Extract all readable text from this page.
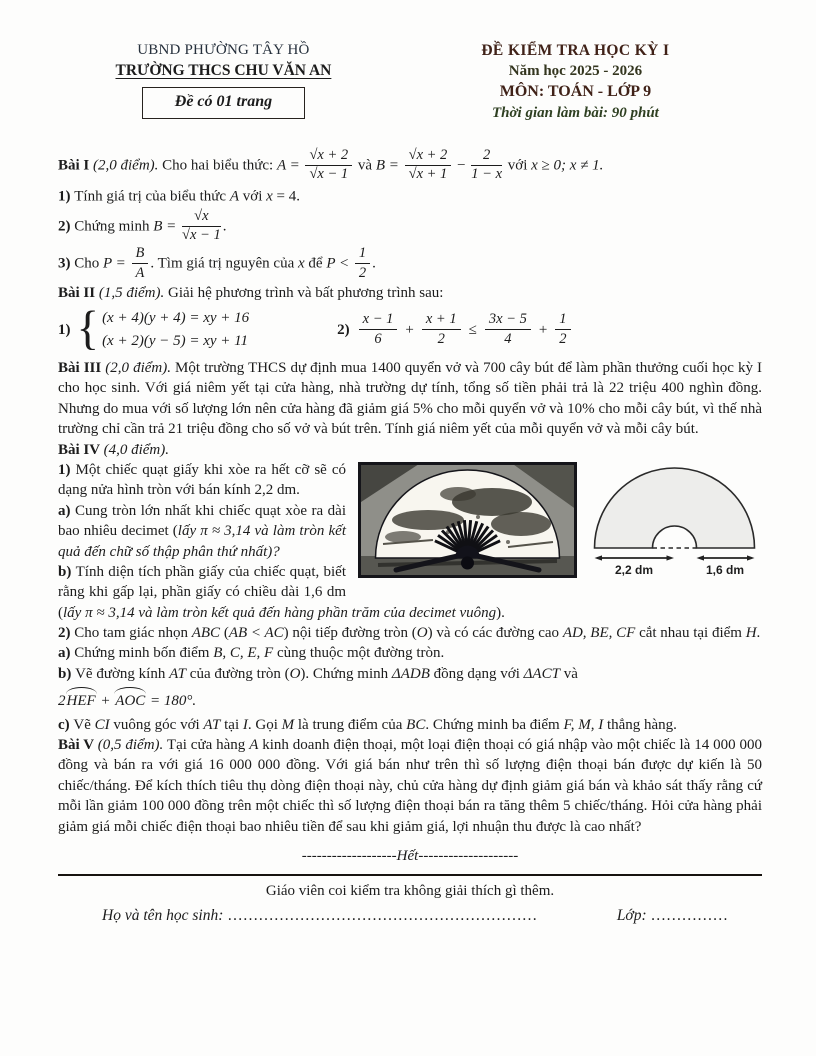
UBND PHƯỜNG TÂY HỒ
TRƯỜNG THCS CHU VĂN AN
Đề có 01 trang
ĐỀ KIỂM TRA HỌC KỲ I
Năm học 2025 - 2026
MÔN: TOÁN - LỚP 9
Thời gian làm bài: 90 phút
Bài I (2,0 điểm). Cho hai biểu thức: $A = \frac{√x + 2}{√x - 1}$ và $B = \frac{√x + 2}{√x + 1} - \frac{2}{1 - x}$ với x ≥ 0; x ≠ 1.
1) Tính giá trị của biểu thức A với x = 4.
2) Chứng minh $B = \frac{√x}{√x - 1}$ .
3) Cho $P = \frac{B}{A}$ . Tìm giá trị nguyên của x để $P < \frac{1}{2}$ .
Bài II (1,5 điểm). Giải hệ phương trình và bất phương trình sau:
1) { (x + 4)(y + 4) = xy + 16
(x + 2)(y − 5) = xy + 11
$2) \frac{x - 1}{6} + \frac{x + 1}{2} \le \frac{3x - 5}{4} + \frac{1}{2}$

Bài III (2,0 điểm). Một trường THCS dự định mua 1400 quyển vở và 700 cây bút để làm phần thưởng cuối học kỳ I cho học sinh. Với giá niêm yết tại cửa hàng, nhà trường dự tính, tổng số tiền phải trả là 22 triệu 400 nghìn đồng. Nhưng do mua với số lượng lớn nên cửa hàng đã giảm giá 5% cho mỗi quyển vở và 10% cho mỗi cây bút, vì thế nhà trường chỉ cần trả 21 triệu đồng cho số vở và bút trên. Tính giá niêm yết của mỗi quyển vở và mỗi cây bút.

Bài IV (4,0 điểm).
2,2 dm	1,6 dm

1) Một chiếc quạt giấy khi xòe ra hết cỡ sẽ có dạng nửa hình tròn với bán kính 2,2 dm.

a) Cung tròn lớn nhất khi chiếc quạt xòe ra dài bao nhiêu decimet (lấy π ≈ 3,14 và làm tròn kết quả đến chữ số thập phân thứ nhất)?

b) Tính diện tích phần giấy của chiếc quạt, biết rằng khi gấp lại, phần giấy có chiều dài 1,6 dm (lấy π ≈ 3,14 và làm tròn kết quả đến hàng phần trăm của decimet vuông).

2) Cho tam giác nhọn ABC (AB < AC) nội tiếp đường tròn (O) và có các đường cao AD, BE, CF cắt nhau tại điểm H.

a) Chứng minh bốn điểm B, C, E, F cùng thuộc một đường tròn.

b) Vẽ đường kính AT của đường tròn (O). Chứng minh ΔADB đồng dạng với ΔACT và

2HEF + AOC = 180°.

c) Vẽ CI vuông góc với AT tại I. Gọi M là trung điểm của BC. Chứng minh ba điểm F, M, I thẳng hàng.

Bài V (0,5 điểm). Tại cửa hàng A kinh doanh điện thoại, một loại điện thoại có giá nhập vào một chiếc là 14 000 000 đồng và bán ra với giá 16 000 000 đồng. Với giá bán như trên thì số lượng điện thoại bán được dự kiến là 50 chiếc/tháng. Để kích thích tiêu thụ dòng điện thoại này, chủ cửa hàng dự định giảm giá bán và khảo sát thấy rằng cứ mỗi lần giảm 100 000 đồng trên một chiếc thì số lượng điện thoại bán ra tăng thêm 5 chiếc/tháng. Hỏi cửa hàng phải giảm giá mỗi chiếc điện thoại bao nhiêu tiền để sau khi giảm giá, lợi nhuận thu được là cao nhất?

-------------------Hết--------------------
Giáo viên coi kiểm tra không giải thích gì thêm.
Họ và tên học sinh: ……………………………………………………	Lớp: ……………
